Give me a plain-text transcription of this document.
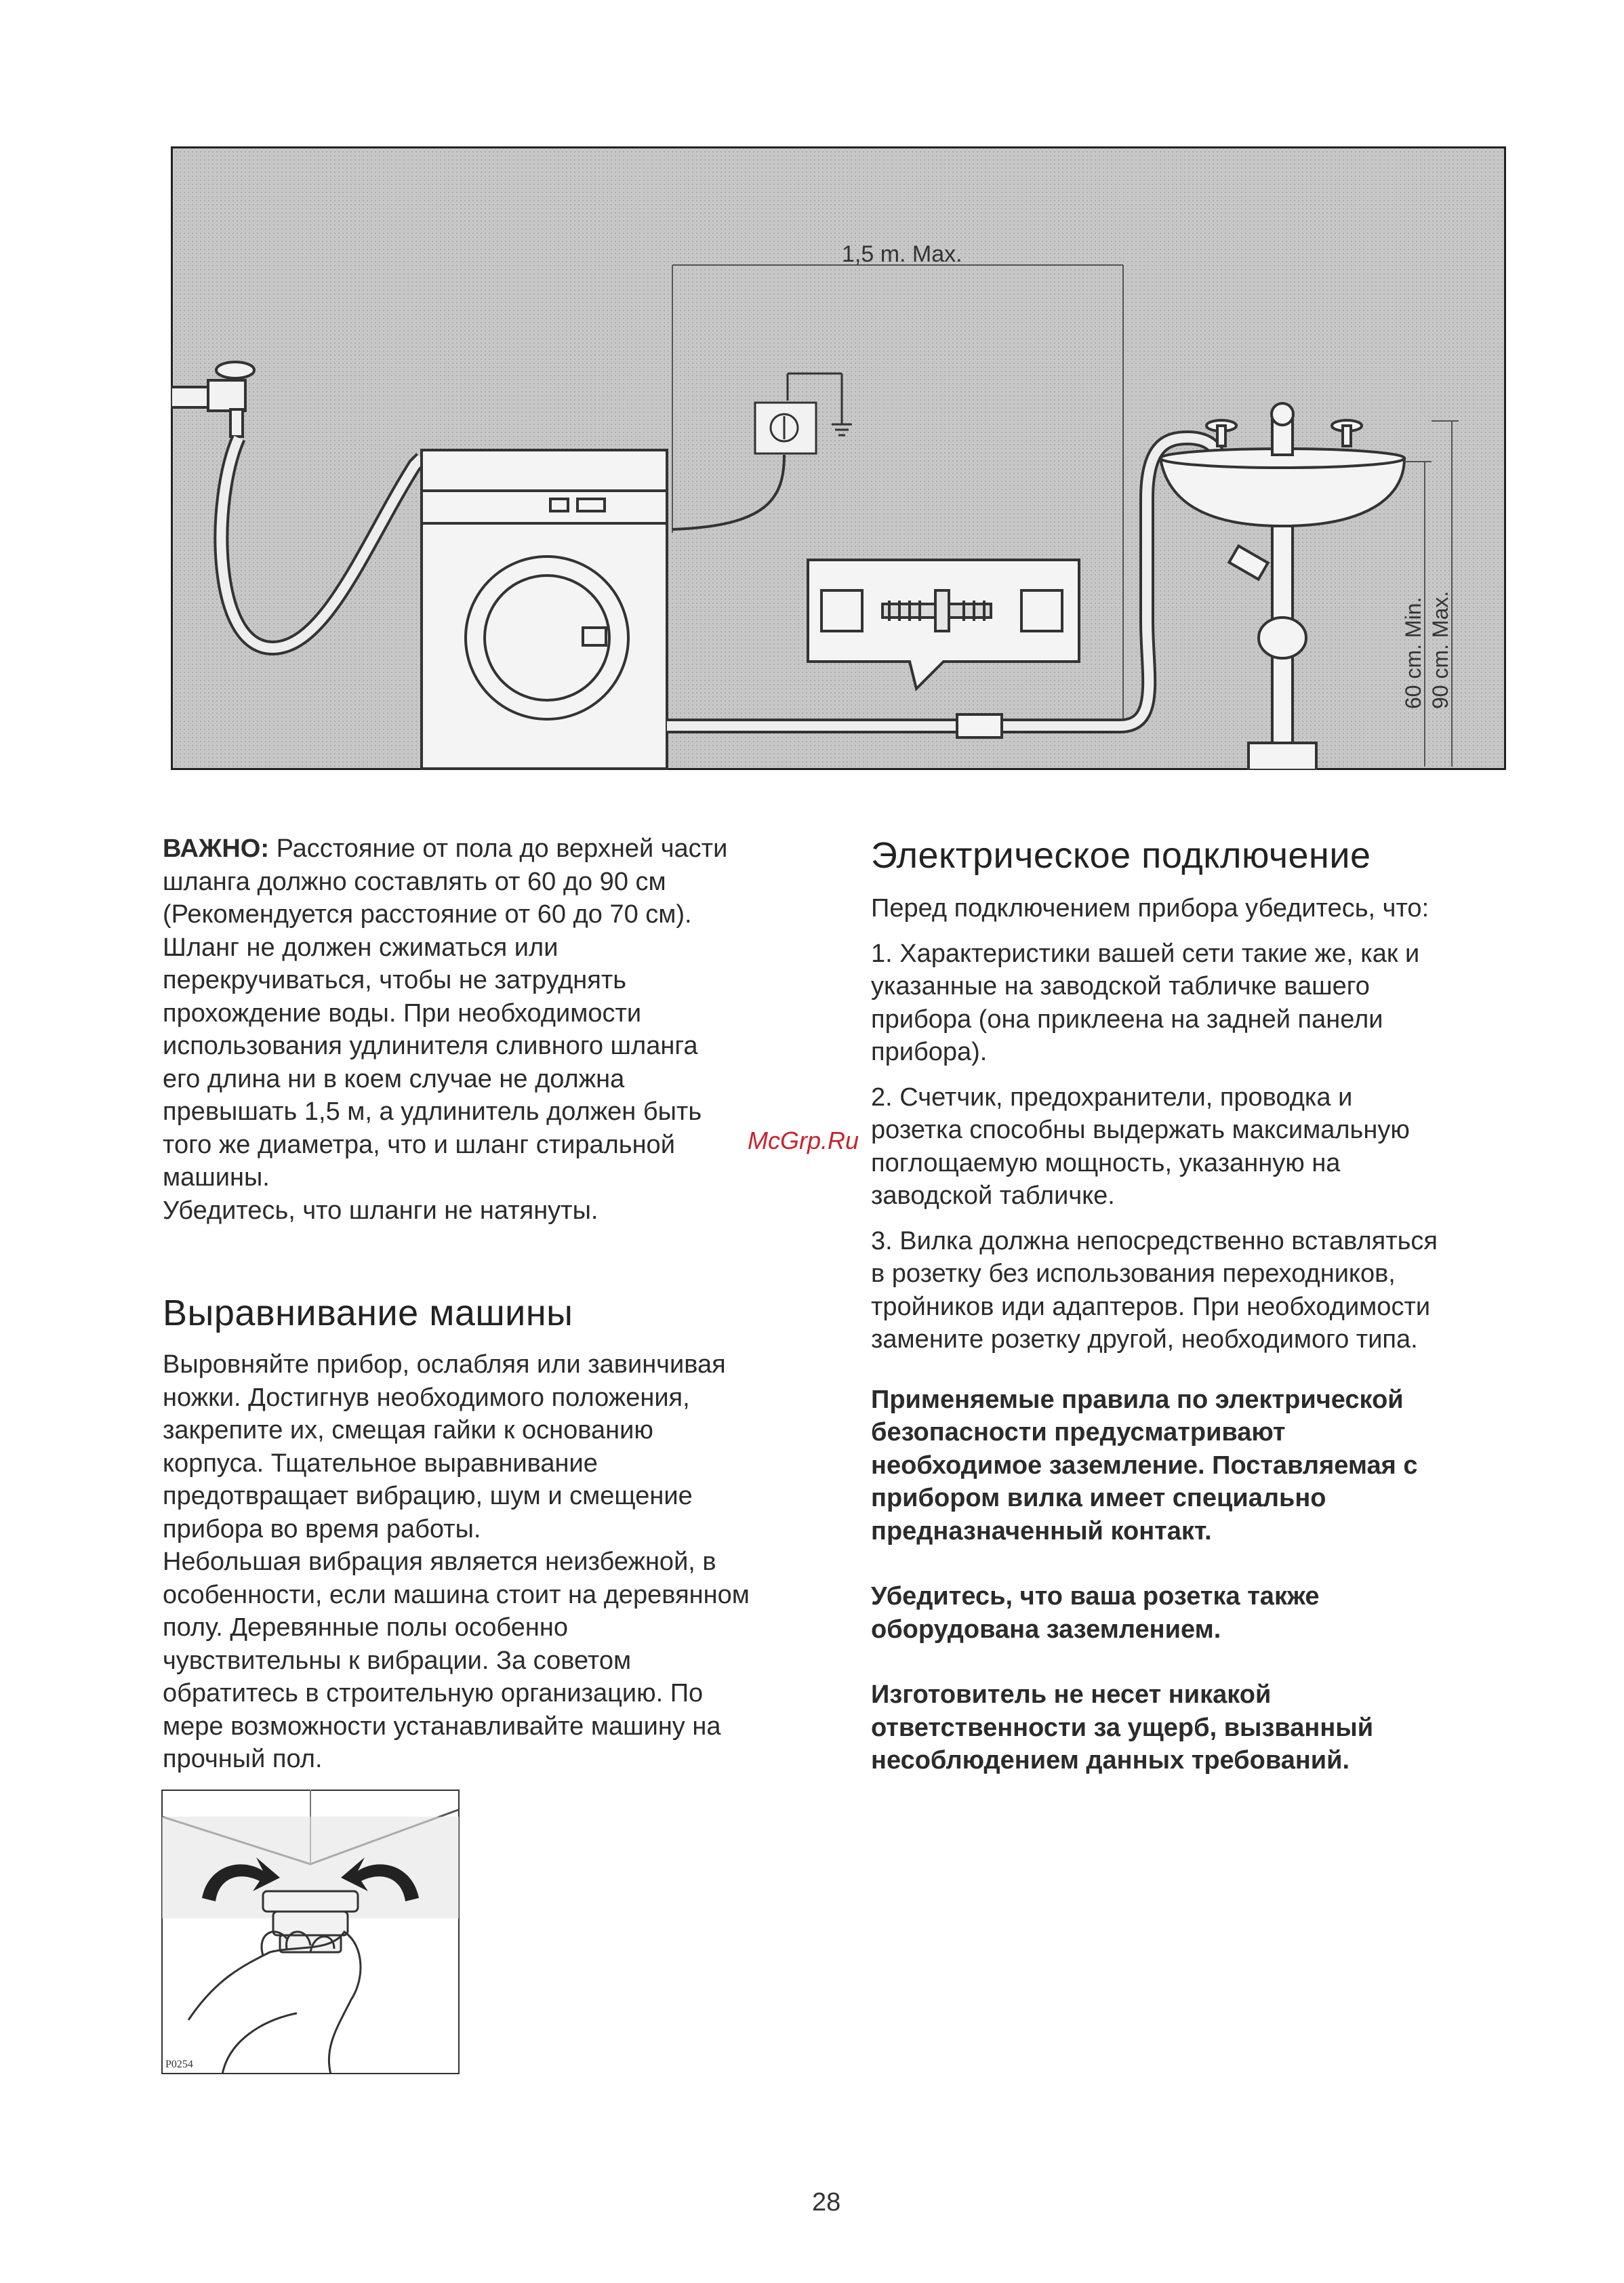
1,5 m. Max.
60 cm. Min. 90 cm. Max.

ВАЖНО: Расстояние от пола до верхней части

шланга должно составлять от 60 до 90 см

(Рекомендуется расстояние от 60 до 70 см).

Шланг не должен сжиматься или

перекручиваться, чтобы не затруднять

прохождение воды. При необходимости

использования удлинителя сливного шланга

его длина ни в коем случае не должна

превышать 1,5 м, а удлинитель должен быть

того же диаметра, что и шланг стиральной

машины.

Убедитесь, что шланги не натянуты.

Выравнивание машины

Выровняйте прибор, ослабляя или завинчивая

ножки. Достигнув необходимого положения,

закрепите их, смещая гайки к основанию

корпуса. Тщательное выравнивание

предотвращает вибрацию, шум и смещение

прибора во время работы.

Небольшая вибрация является неизбежной, в

особенности, если машина стоит на деревянном

полу. Деревянные полы особенно

чувствительны к вибрации. За советом

обратитесь в строительную организацию. По

мере возможности устанавливайте машину на

прочный пол.

Электрическое подключение

Перед подключением прибора убедитесь, что:

1. Характеристики вашей сети такие же, как и

указанные на заводской табличке вашего

прибора (она приклеена на задней панели

прибора).

2. Счетчик, предохранители, проводка и

розетка способны выдержать максимальную

поглощаемую мощность, указанную на

заводской табличке.

3. Вилка должна непосредственно вставляться

в розетку без использования переходников,

тройников иди адаптеров. При необходимости

замените розетку другой, необходимого типа.

Применяемые правила по электрической

безопасности предусматривают

необходимое заземление. Поставляемая с

прибором вилка имеет специально

предназначенный контакт.

Убедитесь, что ваша розетка также

оборудована заземлением.

Изготовитель не несет никакой

ответственности за ущерб, вызванный

несоблюдением данных требований.

McGrp.Ru
P0254
28
